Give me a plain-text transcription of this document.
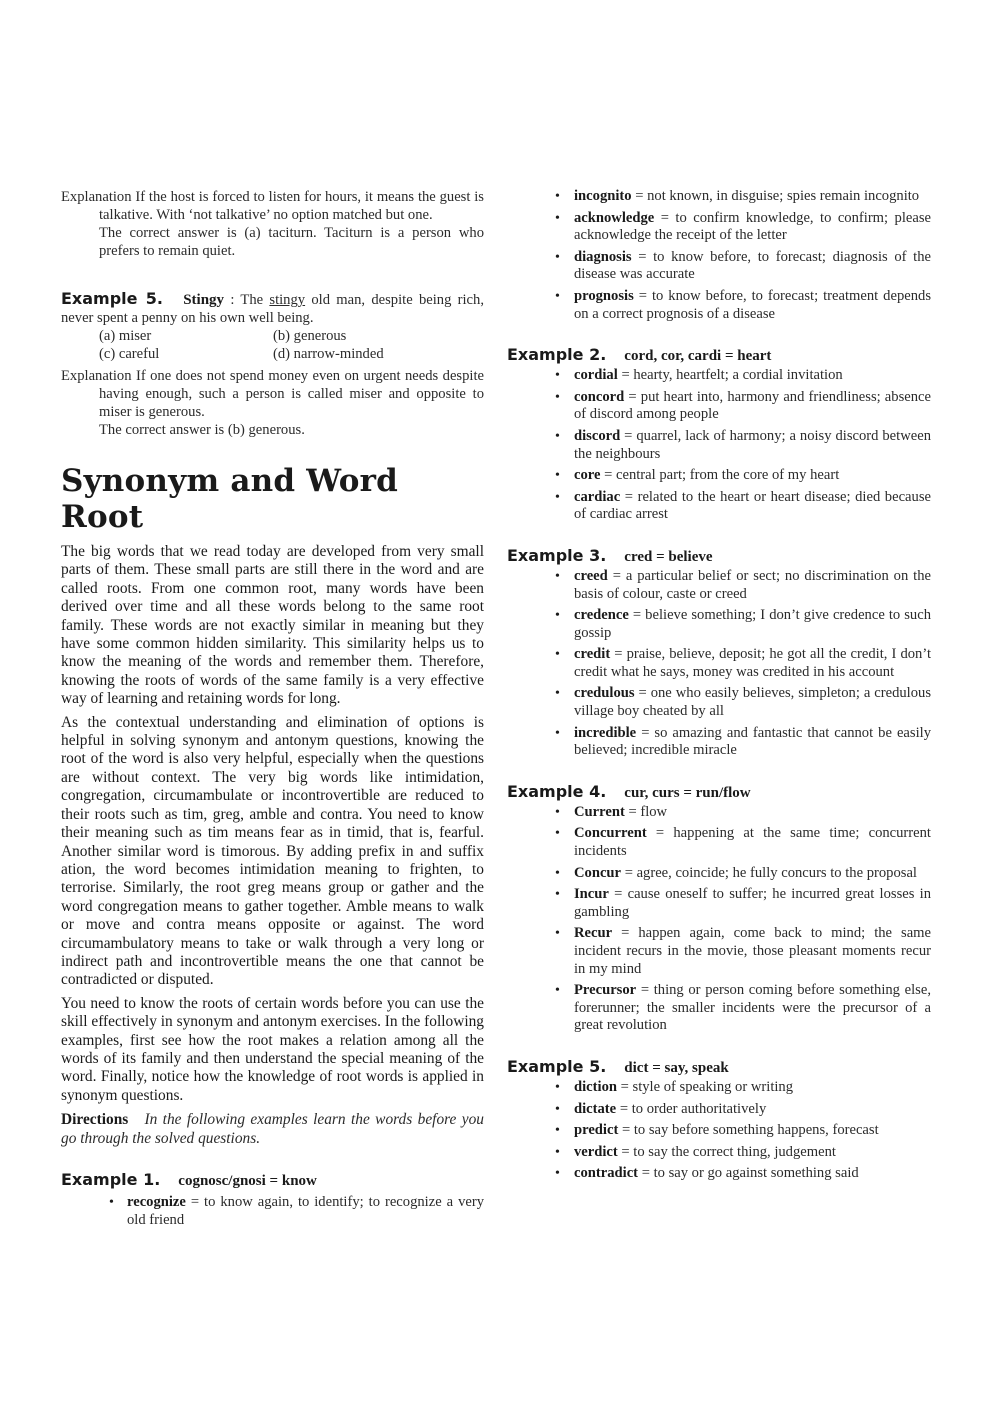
Explanation If the host is forced to listen for hours, it means the guest is talkative. With ‘not talkative’ no option matched but one.
The correct answer is (a) taciturn. Taciturn is a person who prefers to remain quiet.
Example 5. Stingy : The stingy old man, despite being rich, never spent a penny on his own well being.
(a) miser	(b) generous
(c) careful	(d) narrow-minded
Explanation If one does not spend money even on urgent needs despite having enough, such a person is called miser and opposite to miser is generous.
The correct answer is (b) generous.
Synonym and Word Root

The big words that we read today are developed from very small parts of them. These small parts are still there in the word and are called roots. From one common root, many words have been derived over time and all these words belong to the same root family. These words are not exactly similar in meaning but they have some common hidden similarity. This similarity helps us to know the meaning of the words and remember them. Therefore, knowing the roots of words of the same family is a very effective way of learning and retaining words for long.

As the contextual understanding and elimination of options is helpful in solving synonym and antonym questions, knowing the root of the word is also very helpful, especially when the questions are without context. The very big words like intimidation, congregation, circumambulate or incontrovertible are reduced to their roots such as tim, greg, amble and contra. You need to know their meaning such as tim means fear as in timid, that is, fearful. Another similar word is timorous. By adding prefix in and suffix ation, the word becomes intimidation meaning to frighten, to terrorise. Similarly, the root greg means group or gather and the word congregation means to gather together. Amble means to walk or move and contra means opposite or against. The word circumambulatory means to take or walk through a very long or indirect path and incontrovertible means the one that cannot be contradicted or disputed.

You need to know the roots of certain words before you can use the skill effectively in synonym and antonym exercises. In the following examples, first see how the root makes a relation among all the words of its family and then understand the special meaning of the word. Finally, notice how the knowledge of root words is applied in synonym questions.

Directions In the following examples learn the words before you go through the solved questions.
Example 1. cognosc/gnosi = know
• recognize = to know again, to identify; to recognize a very old friend
• incognito = not known, in disguise; spies remain incognito
• acknowledge = to confirm knowledge, to confirm; please acknowledge the receipt of the letter
• diagnosis = to know before, to forecast; diagnosis of the disease was accurate
• prognosis = to know before, to forecast; treatment depends on a correct prognosis of a disease
Example 2. cord, cor, cardi = heart
• cordial = hearty, heartfelt; a cordial invitation
• concord = put heart into, harmony and friendliness; absence of discord among people
• discord = quarrel, lack of harmony; a noisy discord between the neighbours
• core = central part; from the core of my heart
• cardiac = related to the heart or heart disease; died because of cardiac arrest
Example 3. cred = believe
• creed = a particular belief or sect; no discrimination on the basis of colour, caste or creed
• credence = believe something; I don’t give credence to such gossip
• credit = praise, believe, deposit; he got all the credit, I don’t credit what he says, money was credited in his account
• credulous = one who easily believes, simpleton; a credulous village boy cheated by all
• incredible = so amazing and fantastic that cannot be easily believed; incredible miracle
Example 4. cur, curs = run/flow
• Current = flow
• Concurrent = happening at the same time; concurrent incidents
• Concur = agree, coincide; he fully concurs to the proposal
• Incur = cause oneself to suffer; he incurred great losses in gambling
• Recur = happen again, come back to mind; the same incident recurs in the movie, those pleasant moments recur in my mind
• Precursor = thing or person coming before something else, forerunner; the smaller incidents were the precursor of a great revolution
Example 5. dict = say, speak
• diction = style of speaking or writing
• dictate = to order authoritatively
• predict = to say before something happens, forecast
• verdict = to say the correct thing, judgement
• contradict = to say or go against something said
